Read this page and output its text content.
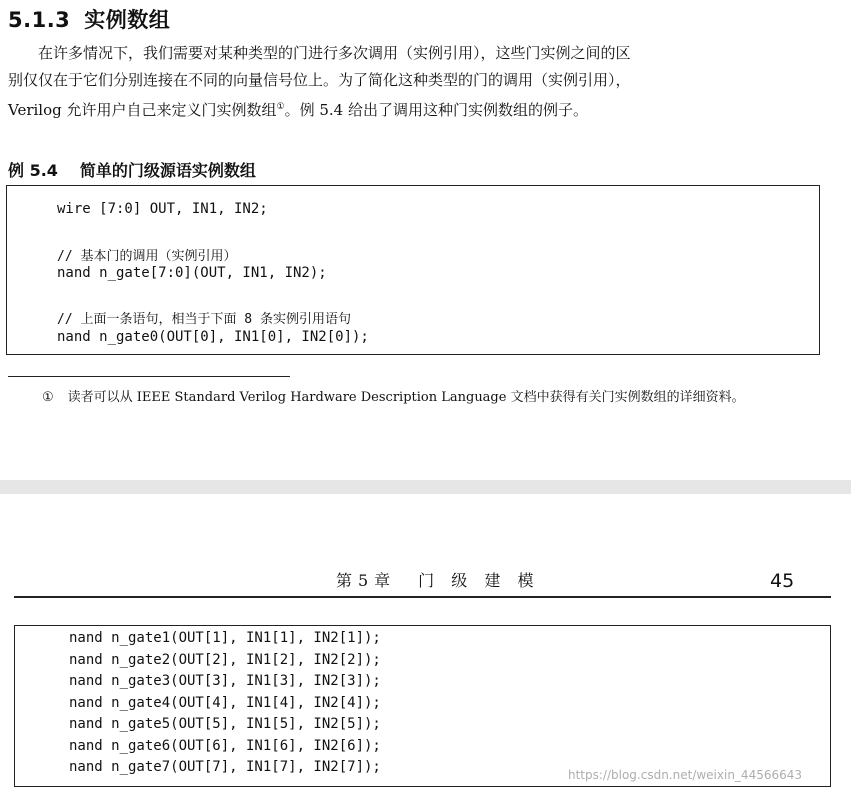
5.1.3 实例数组
在许多情况下，我们需要对某种类型的门进行多次调用（实例引用），这些门实例之间的区
别仅仅在于它们分别连接在不同的向量信号位上。为了简化这种类型的门的调用（实例引用），
Verilog 允许用户自己来定义门实例数组①。例 5.4 给出了调用这种门实例数组的例子。
例 5.4 简单的门级源语实例数组
wire [7:0] OUT, IN1, IN2;
// 基本门的调用（实例引用）
nand n_gate[7:0](OUT, IN1, IN2);
// 上面一条语句，相当于下面 8 条实例引用语句
nand n_gate0(OUT[0], IN1[0], IN2[0]);
① 读者可以从 IEEE Standard Verilog Hardware Description Language 文档中获得有关门实例数组的详细资料。
第5章　门 级 建 模	45
nand n_gate1(OUT[1], IN1[1], IN2[1]);
nand n_gate2(OUT[2], IN1[2], IN2[2]);
nand n_gate3(OUT[3], IN1[3], IN2[3]);
nand n_gate4(OUT[4], IN1[4], IN2[4]);
nand n_gate5(OUT[5], IN1[5], IN2[5]);
nand n_gate6(OUT[6], IN1[6], IN2[6]);
nand n_gate7(OUT[7], IN1[7], IN2[7]);	https://blog.csdn.net/weixin_44566643
